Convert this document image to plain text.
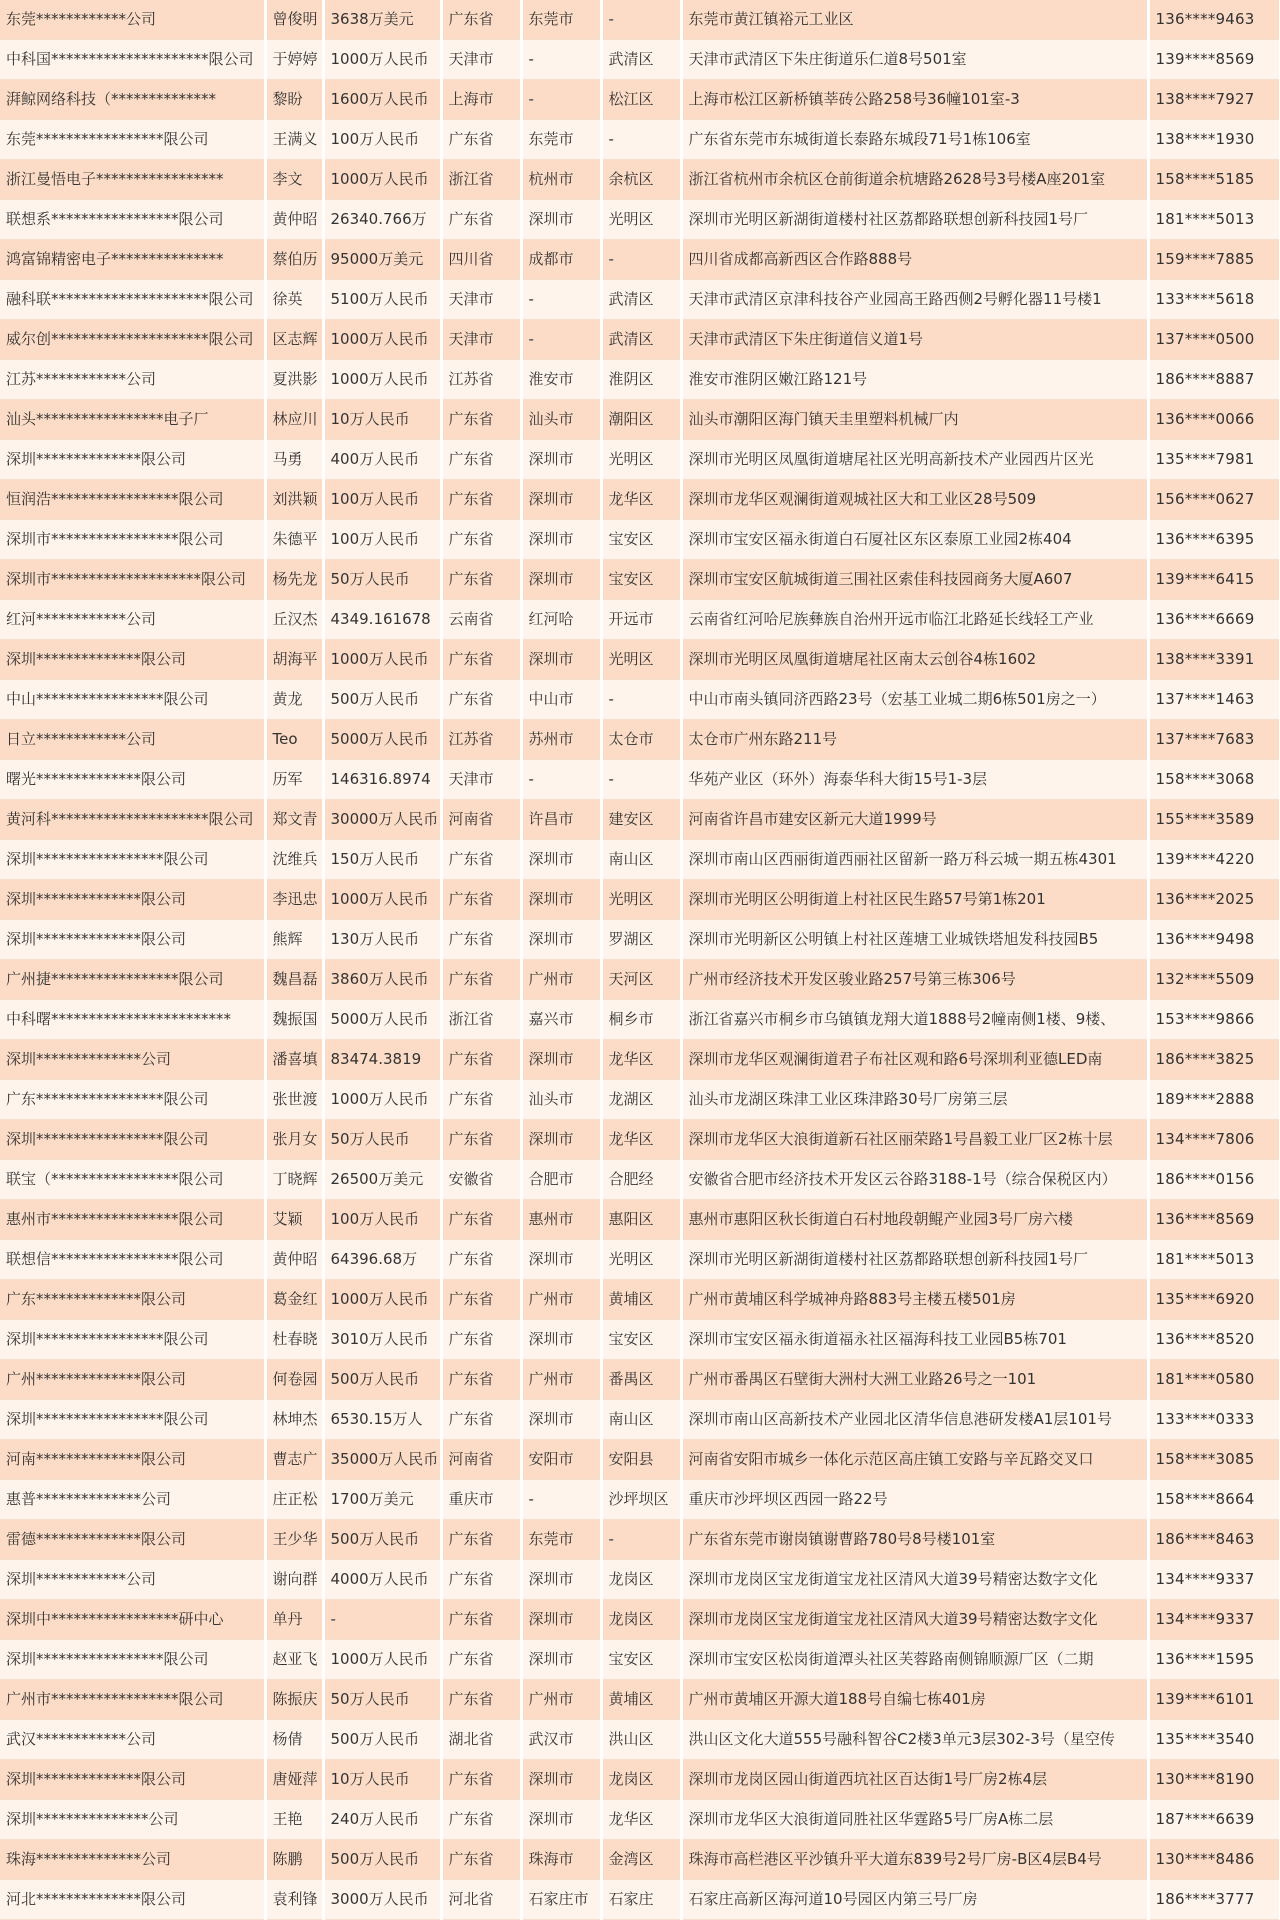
东莞************公司	曾俊明	3638万美元	广东省	东莞市	-	东莞市黄江镇裕元工业区	136****9463
中科国*********************限公司	于婷婷	1000万人民币	天津市	-	武清区	天津市武清区下朱庄街道乐仁道8号501室	139****8569
湃鲸网络科技（**************	黎盼	1600万人民币	上海市	-	松江区	上海市松江区新桥镇莘砖公路258号36幢101室-3	138****7927
东莞*****************限公司	王满义	100万人民币	广东省	东莞市	-	广东省东莞市东城街道长泰路东城段71号1栋106室	138****1930
浙江曼悟电子*****************	李文	1000万人民币	浙江省	杭州市	余杭区	浙江省杭州市余杭区仓前街道余杭塘路2628号3号楼A座201室	158****5185
联想系*****************限公司	黄仲昭	26340.766万	广东省	深圳市	光明区	深圳市光明区新湖街道楼村社区荔都路联想创新科技园1号厂	181****5013
鸿富锦精密电子***************	蔡伯历	95000万美元	四川省	成都市	-	四川省成都高新西区合作路888号	159****7885
融科联*********************限公司	徐英	5100万人民币	天津市	-	武清区	天津市武清区京津科技谷产业园高王路西侧2号孵化器11号楼1	133****5618
威尔创*********************限公司	区志辉	1000万人民币	天津市	-	武清区	天津市武清区下朱庄街道信义道1号	137****0500
江苏************公司	夏洪影	1000万人民币	江苏省	淮安市	淮阴区	淮安市淮阴区嫩江路121号	186****8887
汕头*****************电子厂	林应川	10万人民币	广东省	汕头市	潮阳区	汕头市潮阳区海门镇天圭里塑料机械厂内	136****0066
深圳**************限公司	马勇	400万人民币	广东省	深圳市	光明区	深圳市光明区凤凰街道塘尾社区光明高新技术产业园西片区光	135****7981
恒润浩*****************限公司	刘洪颖	100万人民币	广东省	深圳市	龙华区	深圳市龙华区观澜街道观城社区大和工业区28号509	156****0627
深圳市*****************限公司	朱德平	100万人民币	广东省	深圳市	宝安区	深圳市宝安区福永街道白石厦社区东区泰原工业园2栋404	136****6395
深圳市********************限公司	杨先龙	50万人民币	广东省	深圳市	宝安区	深圳市宝安区航城街道三围社区索佳科技园商务大厦A607	139****6415
红河************公司	丘汉杰	4349.161678	云南省	红河哈	开远市	云南省红河哈尼族彝族自治州开远市临江北路延长线轻工产业	136****6669
深圳**************限公司	胡海平	1000万人民币	广东省	深圳市	光明区	深圳市光明区凤凰街道塘尾社区南太云创谷4栋1602	138****3391
中山*****************限公司	黄龙	500万人民币	广东省	中山市	-	中山市南头镇同济西路23号（宏基工业城二期6栋501房之一）	137****1463
日立************公司	Teo	5000万人民币	江苏省	苏州市	太仓市	太仓市广州东路211号	137****7683
曙光**************限公司	历军	146316.8974	天津市	-	-	华苑产业区（环外）海泰华科大街15号1-3层	158****3068
黄河科*********************限公司	郑文青	30000万人民币	河南省	许昌市	建安区	河南省许昌市建安区新元大道1999号	155****3589
深圳*****************限公司	沈维兵	150万人民币	广东省	深圳市	南山区	深圳市南山区西丽街道西丽社区留新一路万科云城一期五栋4301	139****4220
深圳**************限公司	李迅忠	1000万人民币	广东省	深圳市	光明区	深圳市光明区公明街道上村社区民生路57号第1栋201	136****2025
深圳**************限公司	熊辉	130万人民币	广东省	深圳市	罗湖区	深圳市光明新区公明镇上村社区莲塘工业城铁塔旭发科技园B5	136****9498
广州捷*****************限公司	魏昌磊	3860万人民币	广东省	广州市	天河区	广州市经济技术开发区骏业路257号第三栋306号	132****5509
中科曙************************	魏振国	5000万人民币	浙江省	嘉兴市	桐乡市	浙江省嘉兴市桐乡市乌镇镇龙翔大道1888号2幢南侧1楼、9楼、	153****9866
深圳**************公司	潘喜填	83474.3819	广东省	深圳市	龙华区	深圳市龙华区观澜街道君子布社区观和路6号深圳利亚德LED南	186****3825
广东*****************限公司	张世渡	1000万人民币	广东省	汕头市	龙湖区	汕头市龙湖区珠津工业区珠津路30号厂房第三层	189****2888
深圳*****************限公司	张月女	50万人民币	广东省	深圳市	龙华区	深圳市龙华区大浪街道新石社区丽荣路1号昌毅工业厂区2栋十层	134****7806
联宝（*****************限公司	丁晓辉	26500万美元	安徽省	合肥市	合肥经	安徽省合肥市经济技术开发区云谷路3188-1号（综合保税区内）	186****0156
惠州市*****************限公司	艾颖	100万人民币	广东省	惠州市	惠阳区	惠州市惠阳区秋长街道白石村地段朝鲲产业园3号厂房六楼	136****8569
联想信*****************限公司	黄仲昭	64396.68万	广东省	深圳市	光明区	深圳市光明区新湖街道楼村社区荔都路联想创新科技园1号厂	181****5013
广东**************限公司	葛金红	1000万人民币	广东省	广州市	黄埔区	广州市黄埔区科学城神舟路883号主楼五楼501房	135****6920
深圳*****************限公司	杜春晓	3010万人民币	广东省	深圳市	宝安区	深圳市宝安区福永街道福永社区福海科技工业园B5栋701	136****8520
广州**************限公司	何卷园	500万人民币	广东省	广州市	番禺区	广州市番禺区石壁街大洲村大洲工业路26号之一101	181****0580
深圳*****************限公司	林坤杰	6530.15万人	广东省	深圳市	南山区	深圳市南山区高新技术产业园北区清华信息港研发楼A1层101号	133****0333
河南**************限公司	曹志广	35000万人民币	河南省	安阳市	安阳县	河南省安阳市城乡一体化示范区高庄镇工安路与辛瓦路交叉口	158****3085
惠普**************公司	庄正松	1700万美元	重庆市	-	沙坪坝区	重庆市沙坪坝区西园一路22号	158****8664
雷德**************限公司	王少华	500万人民币	广东省	东莞市	-	广东省东莞市谢岗镇谢曹路780号8号楼101室	186****8463
深圳************公司	谢向群	4000万人民币	广东省	深圳市	龙岗区	深圳市龙岗区宝龙街道宝龙社区清风大道39号精密达数字文化	134****9337
深圳中*****************研中心	单丹	-	广东省	深圳市	龙岗区	深圳市龙岗区宝龙街道宝龙社区清风大道39号精密达数字文化	134****9337
深圳*****************限公司	赵亚飞	1000万人民币	广东省	深圳市	宝安区	深圳市宝安区松岗街道潭头社区芙蓉路南侧锦顺源厂区（二期	136****1595
广州市*****************限公司	陈振庆	50万人民币	广东省	广州市	黄埔区	广州市黄埔区开源大道188号自编七栋401房	139****6101
武汉************公司	杨倩	500万人民币	湖北省	武汉市	洪山区	洪山区文化大道555号融科智谷C2楼3单元3层302-3号（星空传	135****3540
深圳**************限公司	唐娅萍	10万人民币	广东省	深圳市	龙岗区	深圳市龙岗区园山街道西坑社区百达街1号厂房2栋4层	130****8190
深圳***************公司	王艳	240万人民币	广东省	深圳市	龙华区	深圳市龙华区大浪街道同胜社区华霆路5号厂房A栋二层	187****6639
珠海**************公司	陈鹏	500万人民币	广东省	珠海市	金湾区	珠海市高栏港区平沙镇升平大道东839号2号厂房-B区4层B4号	130****8486
河北**************限公司	袁利锋	3000万人民币	河北省	石家庄市	石家庄	石家庄高新区海河道10号园区内第三号厂房	186****3777
